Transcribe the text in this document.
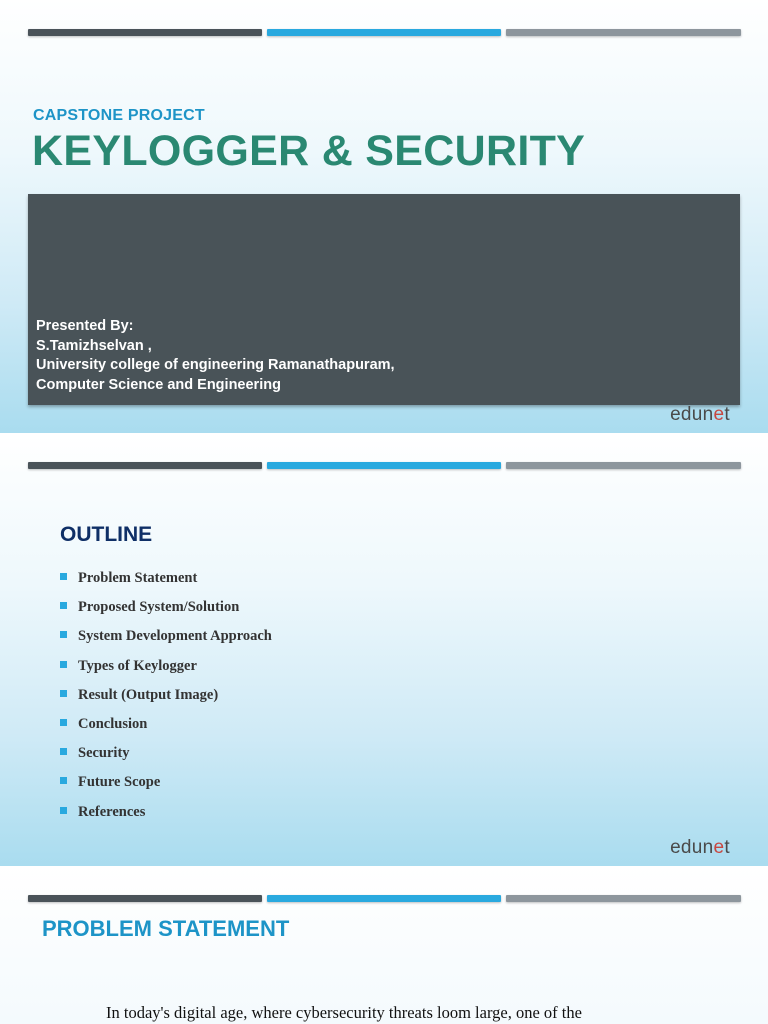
CAPSTONE PROJECT
KEYLOGGER & SECURITY
Presented By:
S.Tamizhselvan ,
University college of engineering Ramanathapuram,
Computer Science and Engineering
edunet
OUTLINE
Problem Statement
Proposed System/Solution
System Development Approach
Types of Keylogger
Result (Output Image)
Conclusion
Security
Future Scope
References
edunet
PROBLEM STATEMENT
In today's digital age, where cybersecurity threats loom large, one of the
